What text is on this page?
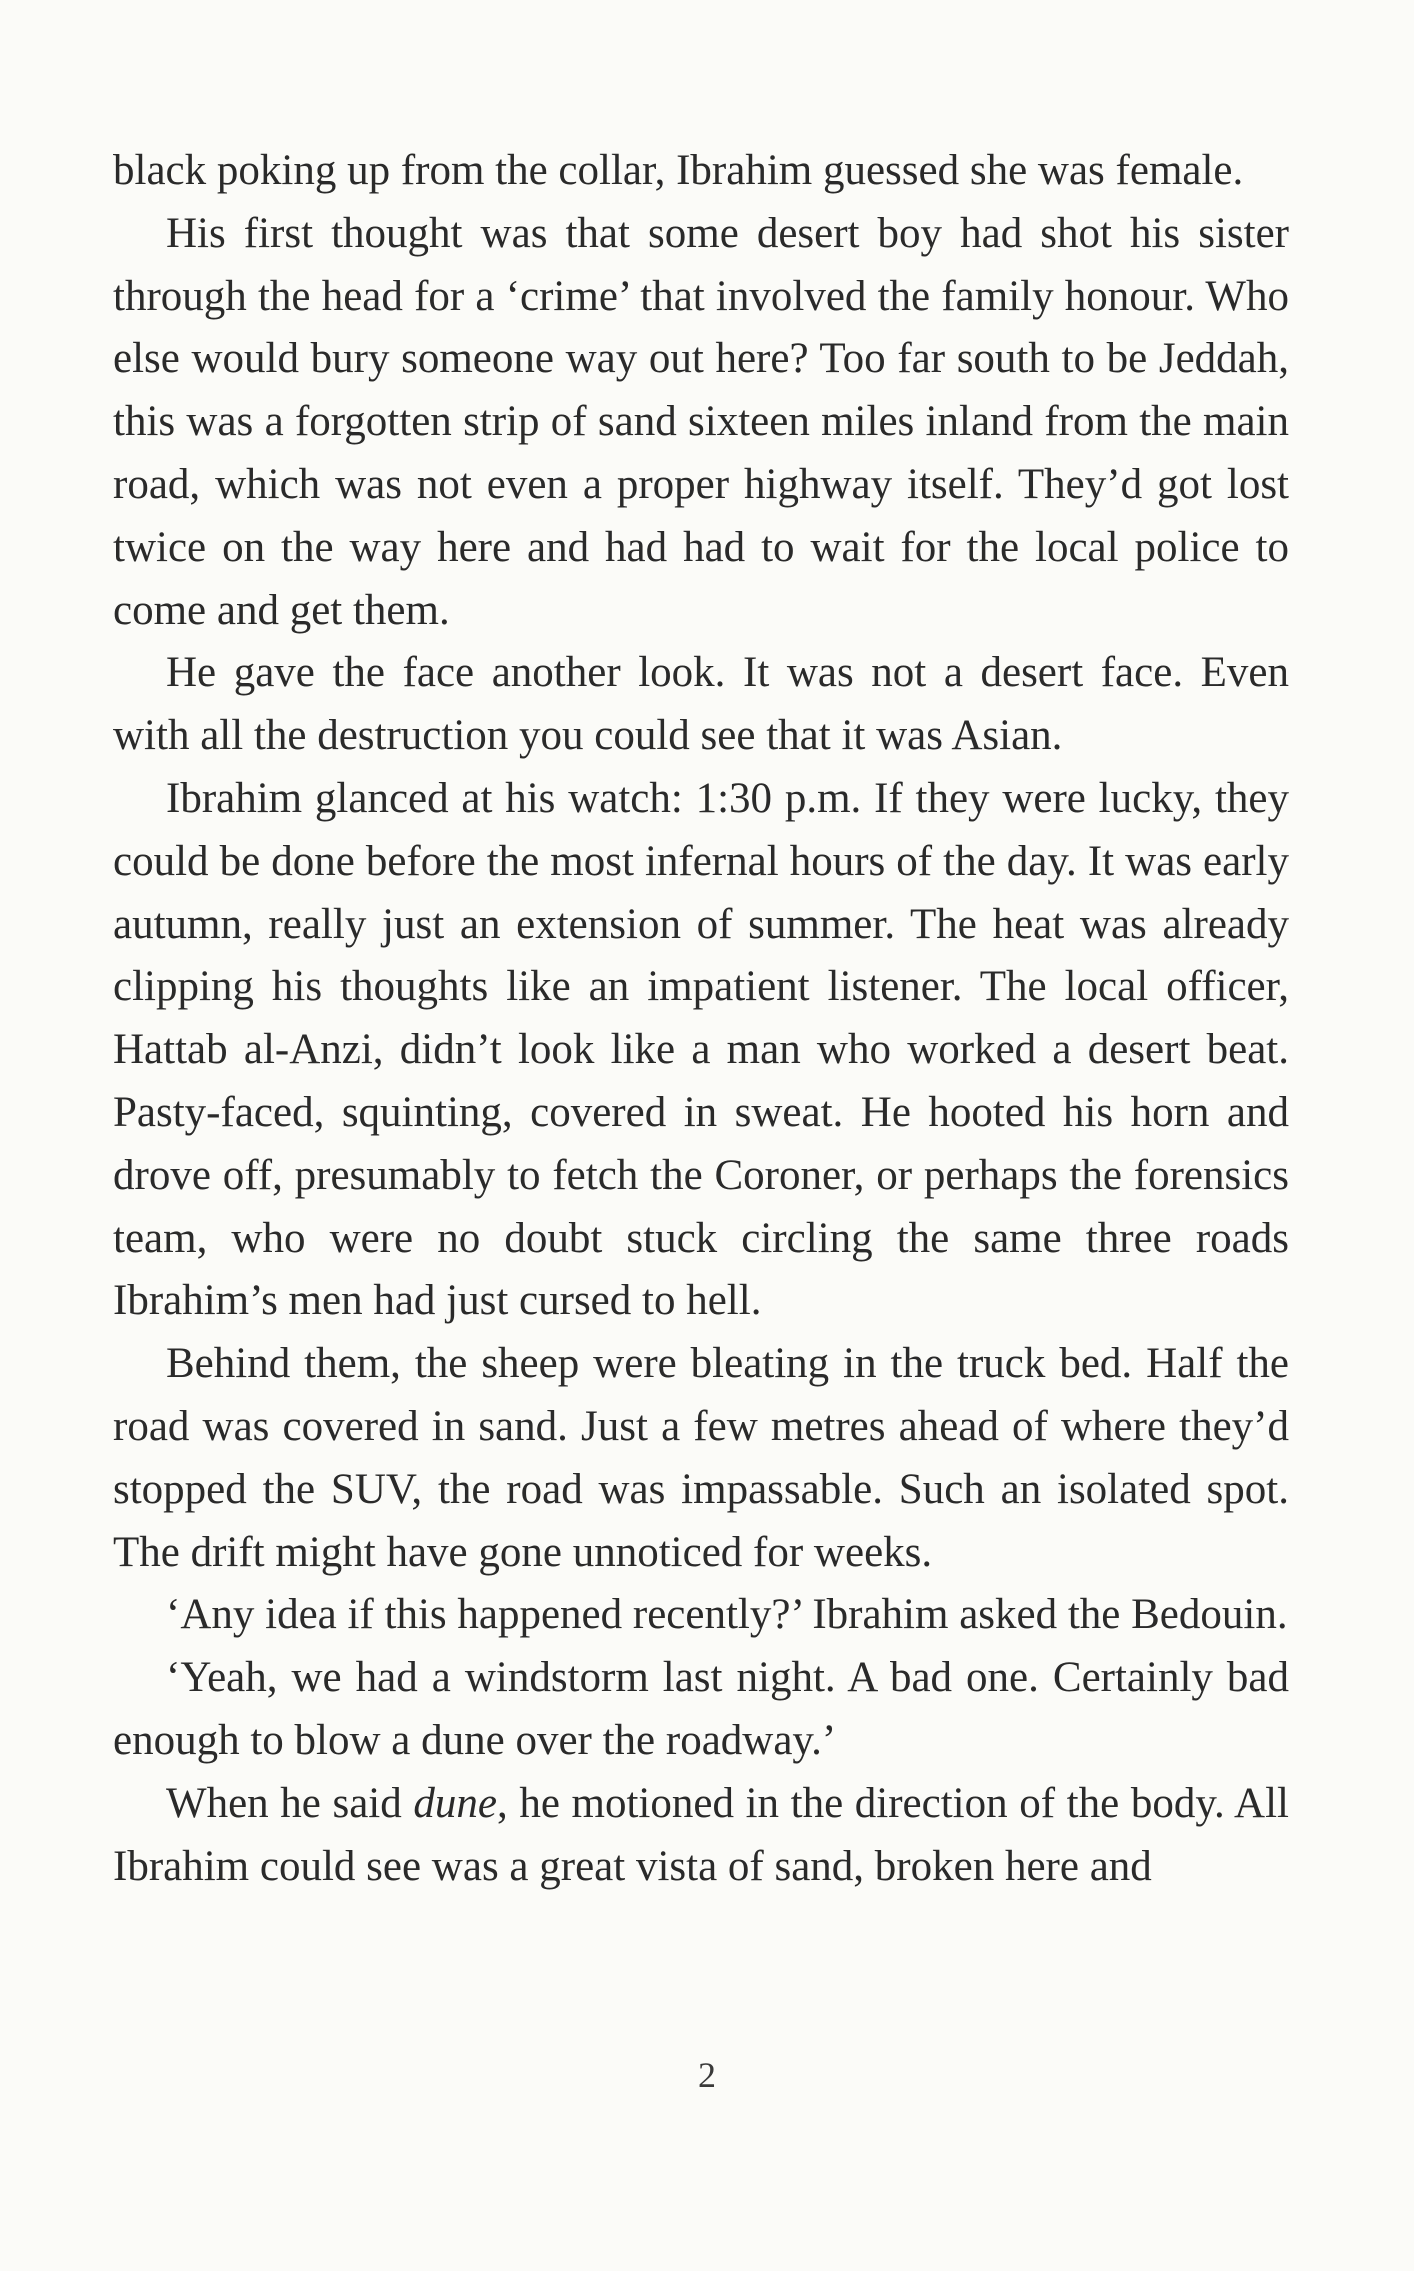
black poking up from the collar, Ibrahim guessed she was female.

His first thought was that some desert boy had shot his sister through the head for a ‘crime’ that involved the family honour. Who else would bury someone way out here? Too far south to be Jeddah, this was a forgotten strip of sand sixteen miles inland from the main road, which was not even a proper highway itself. They’d got lost twice on the way here and had had to wait for the local police to come and get them.

He gave the face another look. It was not a desert face. Even with all the destruction you could see that it was Asian.

Ibrahim glanced at his watch: 1:30 p.m. If they were lucky, they could be done before the most infernal hours of the day. It was early autumn, really just an extension of summer. The heat was already clipping his thoughts like an impatient listener. The local officer, Hattab al-Anzi, didn’t look like a man who worked a desert beat. Pasty-faced, squinting, covered in sweat. He hooted his horn and drove off, presumably to fetch the Coroner, or perhaps the forensics team, who were no doubt stuck circling the same three roads Ibrahim’s men had just cursed to hell.

Behind them, the sheep were bleating in the truck bed. Half the road was covered in sand. Just a few metres ahead of where they’d stopped the SUV, the road was impassable. Such an isolated spot. The drift might have gone unnoticed for weeks.

‘Any idea if this happened recently?’ Ibrahim asked the Bedouin.

‘Yeah, we had a windstorm last night. A bad one. Certainly bad enough to blow a dune over the roadway.’

When he said dune, he motioned in the direction of the body. All Ibrahim could see was a great vista of sand, broken here and

2
